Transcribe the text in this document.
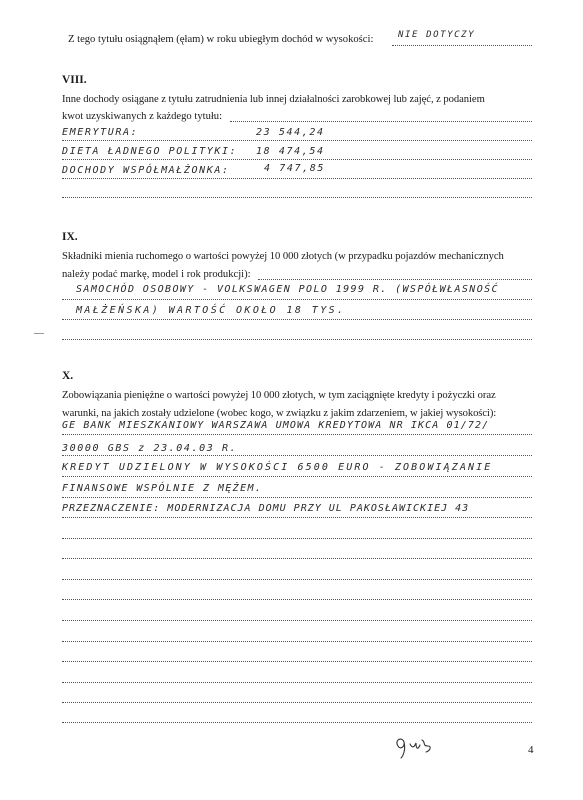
Z tego tytułu osiągnąłem (ęłam) w roku ubiegłym dochód w wysokości:	NIE DOTYCZY
VIII.
Inne dochody osiągane z tytułu zatrudnienia lub innej działalności zarobkowej lub zajęć, z podaniem
kwot uzyskiwanych z każdego tytułu:
EMERYTURA:	23 544,24
DIETA ŁADNEGO POLITYKI: 18 474,54
DOCHODY WSPÓŁMAŁŻONKA:	4 747,85
IX.
Składniki mienia ruchomego o wartości powyżej 10 000 złotych (w przypadku pojazdów mechanicznych
należy podać markę, model i rok produkcji):
SAMOCHÓD OSOBOWY - VOLKSWAGEN POLO 1999 R. (WSPÓŁWŁASNOŚĆ
MAŁŻEŃSKA) WARTOŚĆ OKOŁO 18 TYS.
X.
Zobowiązania pieniężne o wartości powyżej 10 000 złotych, w tym zaciągnięte kredyty i pożyczki oraz
warunki, na jakich zostały udzielone (wobec kogo, w związku z jakim zdarzeniem, w jakiej wysokości):
GE BANK MIESZKANIOWY WARSZAWA UMOWA KREDYTOWA NR IKCA 01/72/
30000 GBS z 23.04.03 R.
KREDYT UDZIELONY W WYSOKOŚCI 6500 EURO - ZOBOWIĄZANIE
FINANSOWE WSPÓLNIE Z MĘŻEM.
PRZEZNACZENIE: MODERNIZACJA DOMU PRZY UL PAKOSŁAWICKIEJ 43
4
